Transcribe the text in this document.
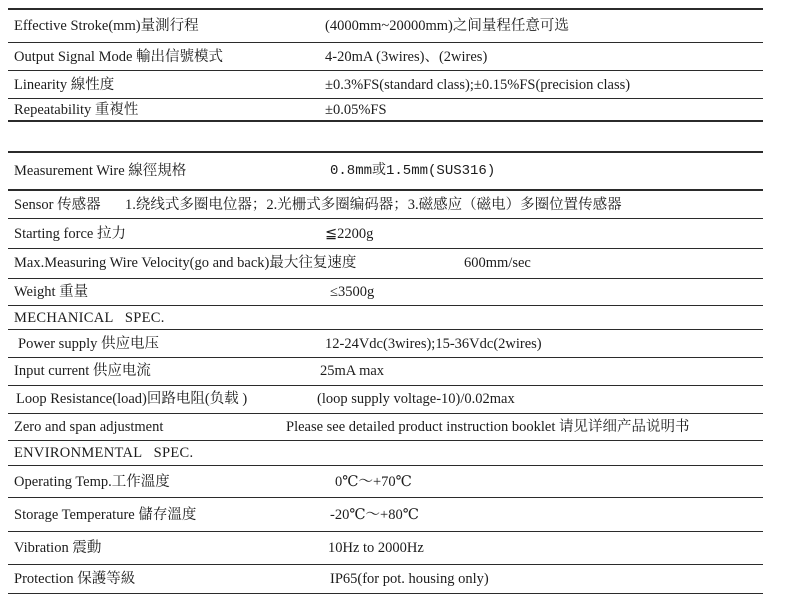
Effective Stroke(mm)量測行程	(4000mm~20000mm)之间量程任意可选
Output Signal Mode 輸出信號模式	4-20mA (3wires)、(2wires)
Linearity 線性度	±0.3%FS(standard class);±0.15%FS(precision class)
Repeatability 重複性	±0.05%FS
Measurement Wire 線徑規格	0.8mm或1.5mm(SUS316)
Sensor 传感器 1.绕线式多圈电位器；2.光栅式多圈编码器；3.磁感应（磁电）多圈位置传感器
Starting force 拉力	≦2200g
Max.Measuring Wire Velocity(go and back)最大往复速度	600mm/sec
Weight 重量	≤3500g
MECHANICAL   SPEC.
Power supply 供应电压	12-24Vdc(3wires);15-36Vdc(2wires)
Input current 供应电流	25mA max
Loop Resistance(load)回路电阻(负载 )	(loop supply voltage-10)/0.02max
Zero and span adjustment	Please see detailed product instruction booklet 请见详细产品说明书
ENVIRONMENTAL   SPEC.
Operating Temp.工作溫度	0℃～+70℃
Storage Temperature 儲存溫度	-20℃～+80℃
Vibration 震動	10Hz to 2000Hz
Protection 保護等級	IP65(for pot. housing only)
